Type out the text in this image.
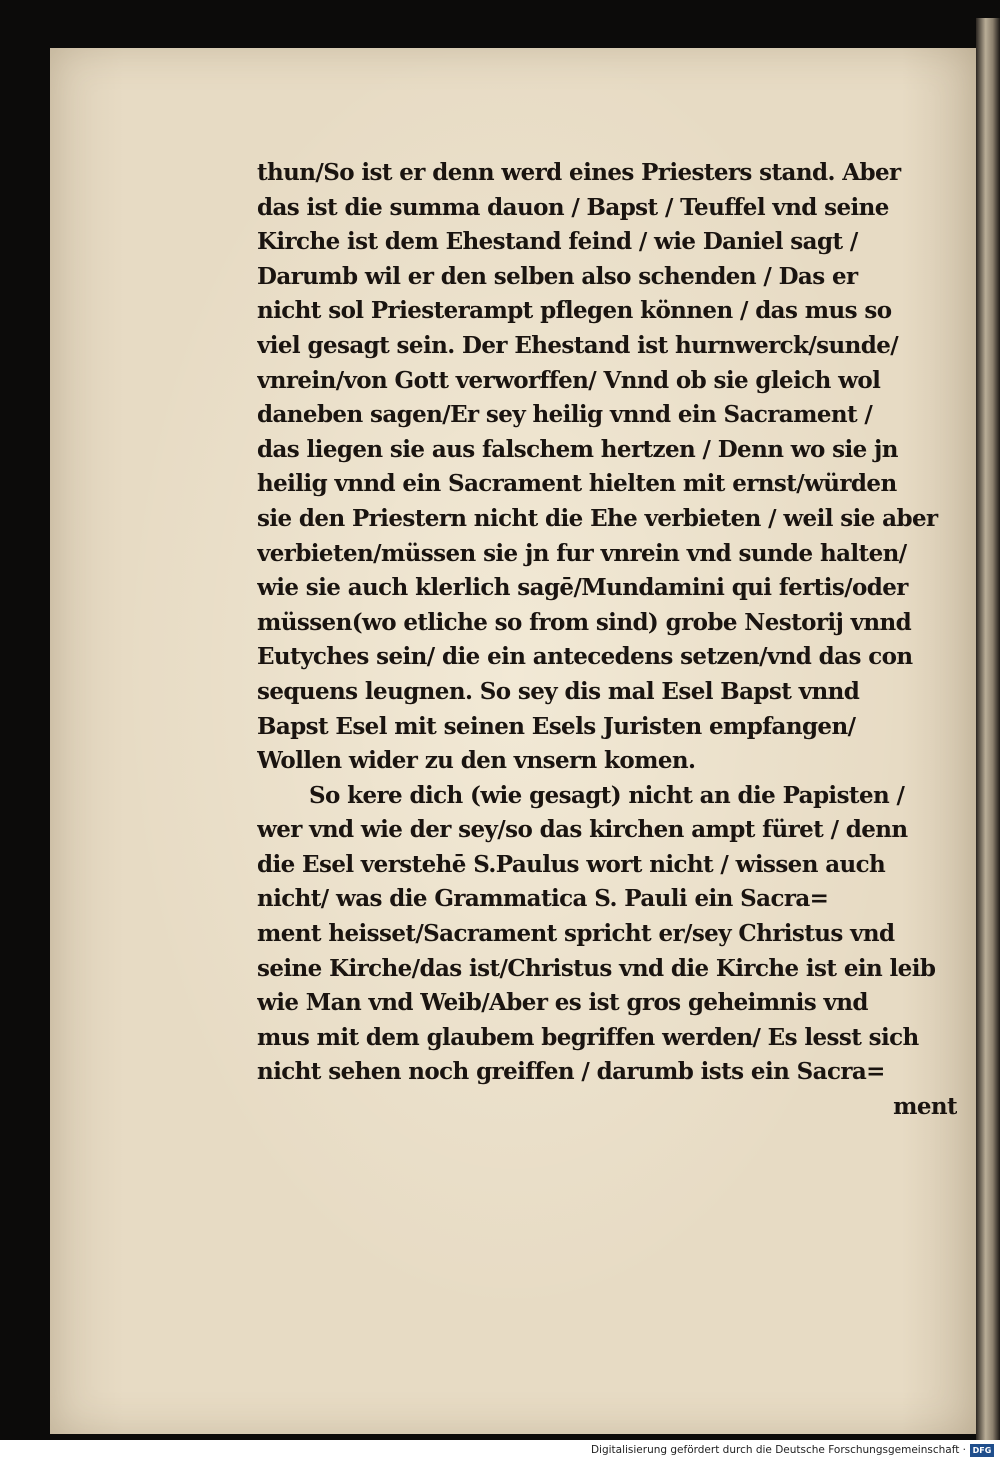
thun/So ist er denn werd eines Priesters stand. Aber
das ist die summa dauon / Bapst / Teuffel vnd seine
Kirche ist dem Ehestand feind / wie Daniel sagt /
Darumb wil er den selben also schenden / Das er
nicht sol Priesterampt pflegen können / das mus so
viel gesagt sein. Der Ehestand ist hurnwerck/sunde/
vnrein/von Gott verworffen/ Vnnd ob sie gleich wol
daneben sagen/Er sey heilig vnnd ein Sacrament /
das liegen sie aus falschem hertzen / Denn wo sie jn
heilig vnnd ein Sacrament hielten mit ernst/würden
sie den Priestern nicht die Ehe verbieten / weil sie aber
verbieten/müssen sie jn fur vnrein vnd sunde halten/
wie sie auch klerlich sagē/Mundamini qui fertis/oder
müssen(wo etliche so from sind) grobe Nestorij vnnd
Eutyches sein/ die ein antecedens setzen/vnd das con
sequens leugnen. So sey dis mal Esel Bapst vnnd
Bapst Esel mit seinen Esels Juristen empfangen/
Wollen wider zu den vnsern komen.
So kere dich (wie gesagt) nicht an die Papisten /
wer vnd wie der sey/so das kirchen ampt füret / denn
die Esel verstehē S.Paulus wort nicht / wissen auch
nicht/ was die Grammatica S. Pauli ein Sacra=
ment heisset/Sacrament spricht er/sey Christus vnd
seine Kirche/das ist/Christus vnd die Kirche ist ein leib
wie Man vnd Weib/Aber es ist gros geheimnis vnd
mus mit dem glaubem begriffen werden/ Es lesst sich
nicht sehen noch greiffen / darumb ists ein Sacra=
ment
Digitalisierung gefördert durch die Deutsche Forschungsgemeinschaft · DFG
